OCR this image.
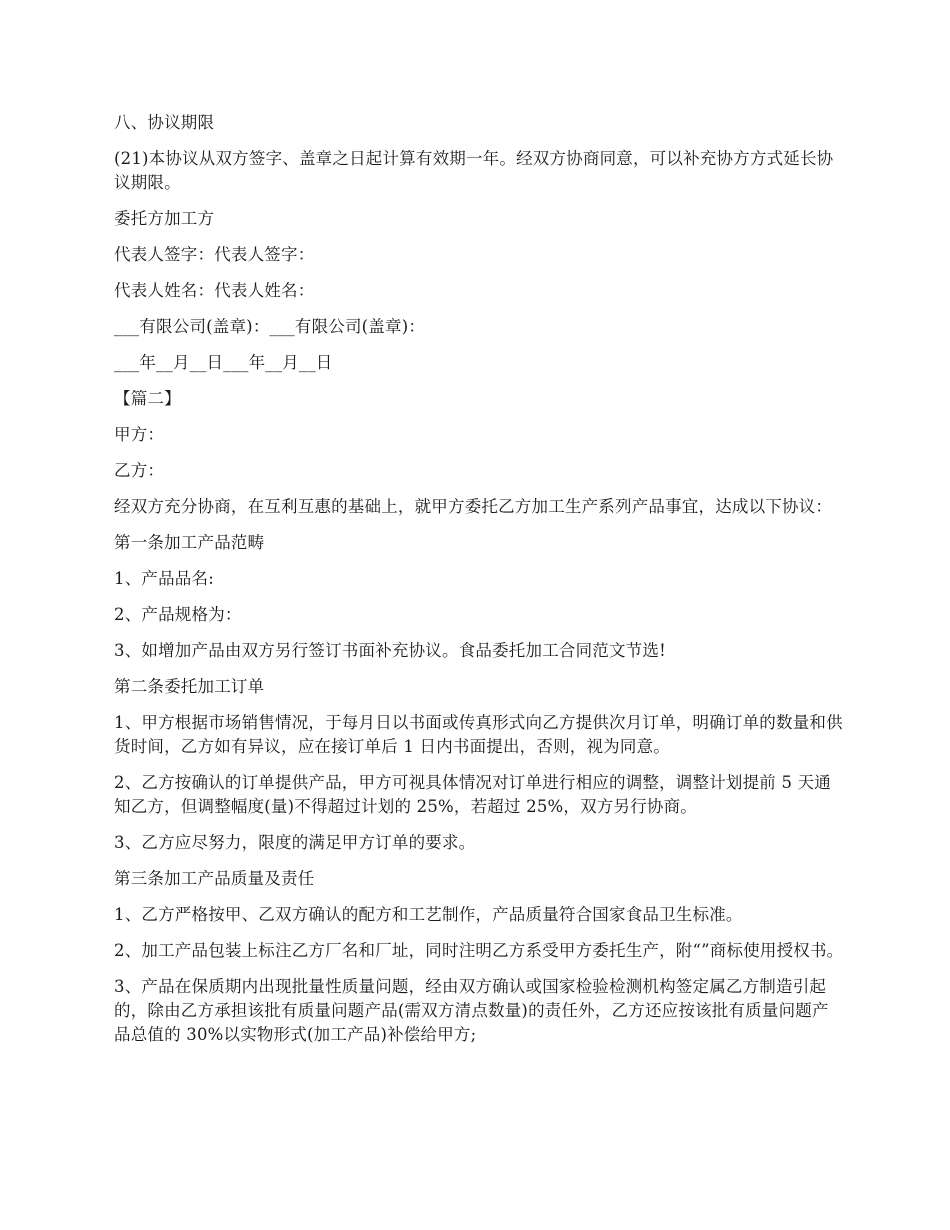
八、协议期限

(21)本协议从双方签字、盖章之日起计算有效期一年。经双方协商同意，可以补充协方方式延长协议期限。

委托方加工方

代表人签字：代表人签字：

代表人姓名：代表人姓名：

___有限公司(盖章)：___有限公司(盖章)：

___年__月__日___年__月__日

【篇二】

甲方：

乙方：

经双方充分协商，在互利互惠的基础上，就甲方委托乙方加工生产系列产品事宜，达成以下协议：

第一条加工产品范畴

1、产品品名:

2、产品规格为：

3、如增加产品由双方另行签订书面补充协议。食品委托加工合同范文节选!

第二条委托加工订单

1、甲方根据市场销售情况，于每月日以书面或传真形式向乙方提供次月订单，明确订单的数量和供货时间，乙方如有异议，应在接订单后 1 日内书面提出，否则，视为同意。

2、乙方按确认的订单提供产品，甲方可视具体情况对订单进行相应的调整，调整计划提前 5 天通知乙方，但调整幅度(量)不得超过计划的 25%，若超过 25%，双方另行协商。

3、乙方应尽努力，限度的满足甲方订单的要求。

第三条加工产品质量及责任

1、乙方严格按甲、乙双方确认的配方和工艺制作，产品质量符合国家食品卫生标准。

2、加工产品包装上标注乙方厂名和厂址，同时注明乙方系受甲方委托生产，附“”商标使用授权书。

3、产品在保质期内出现批量性质量问题，经由双方确认或国家检验检测机构签定属乙方制造引起的，除由乙方承担该批有质量问题产品(需双方清点数量)的责任外，乙方还应按该批有质量问题产品总值的 30%以实物形式(加工产品)补偿给甲方;
